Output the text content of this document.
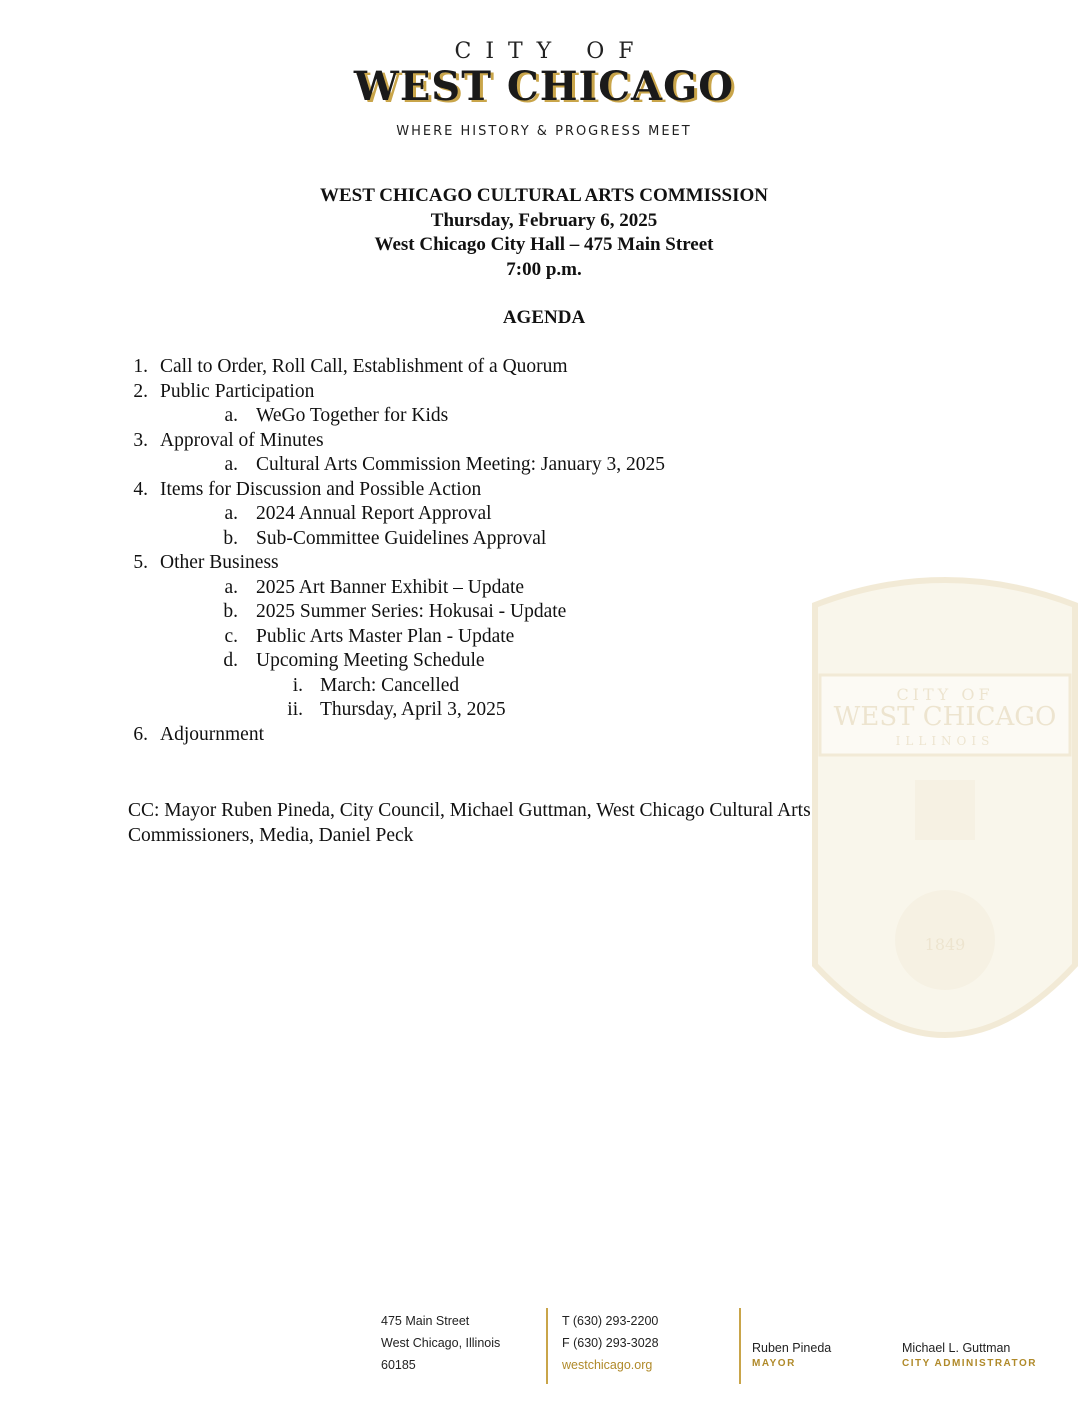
CITY OF
WEST CHICAGO
WHERE HISTORY & PROGRESS MEET
WEST CHICAGO CULTURAL ARTS COMMISSION
Thursday, February 6, 2025
West Chicago City Hall – 475 Main Street
7:00 p.m.
AGENDA
1. Call to Order, Roll Call, Establishment of a Quorum
2. Public Participation
a. WeGo Together for Kids
3. Approval of Minutes
a. Cultural Arts Commission Meeting: January 3, 2025
4. Items for Discussion and Possible Action
a. 2024 Annual Report Approval
b. Sub-Committee Guidelines Approval
5. Other Business
a. 2025 Art Banner Exhibit – Update
b. 2025 Summer Series: Hokusai - Update
c. Public Arts Master Plan - Update
d. Upcoming Meeting Schedule
i. March: Cancelled
ii. Thursday, April 3, 2025
6. Adjournment
CC: Mayor Ruben Pineda, City Council, Michael Guttman, West Chicago Cultural Arts Commissioners, Media, Daniel Peck
CITY OF
WEST CHICAGO
ILLINOIS
1849
475 Main Street
West Chicago, Illinois
60185
T (630) 293-2200
F (630) 293-3028
westchicago.org
Ruben Pineda
MAYOR
Michael L. Guttman
CITY ADMINISTRATOR
